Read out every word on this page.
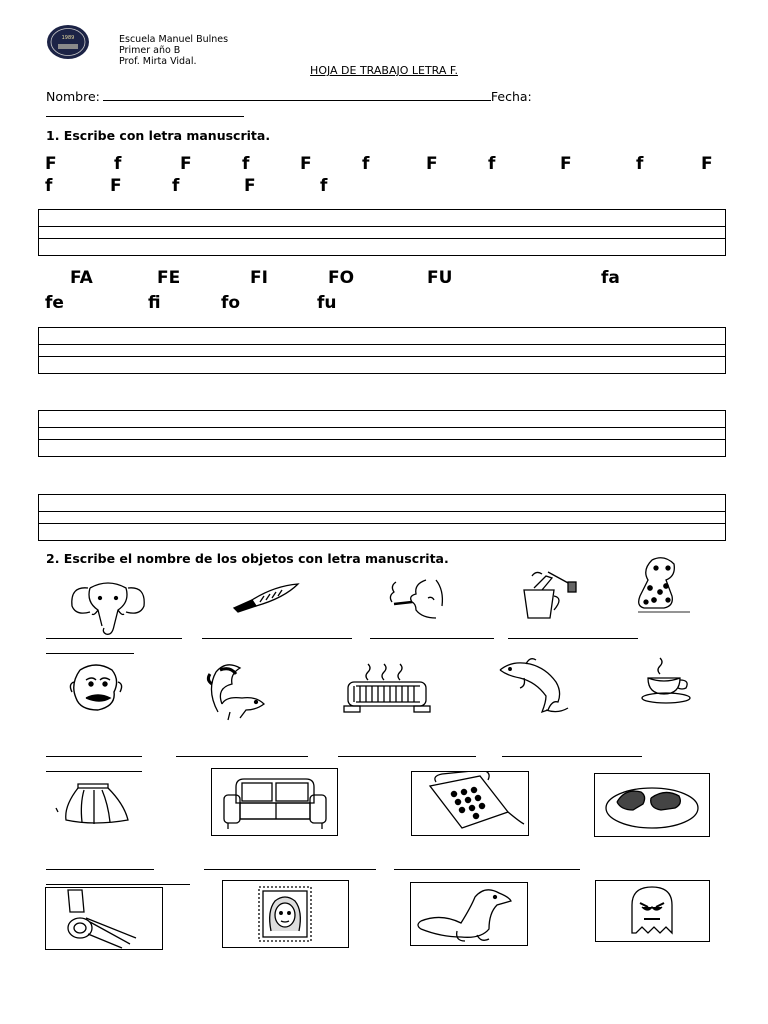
1989	Escuela Manuel Bulnes
Primer año B
Prof. Mirta Vidal.
HOJA DE TRABAJO LETRA F.
Nombre:	Fecha:
1. Escribe con letra manuscrita.
F	f	F	f	F	f	F	f	F	f	F
f	F	f	F	f
FA	FE	FI	FO	FU	fa
fe	fi	fo	fu
2. Escribe el nombre de los objetos con letra manuscrita.
